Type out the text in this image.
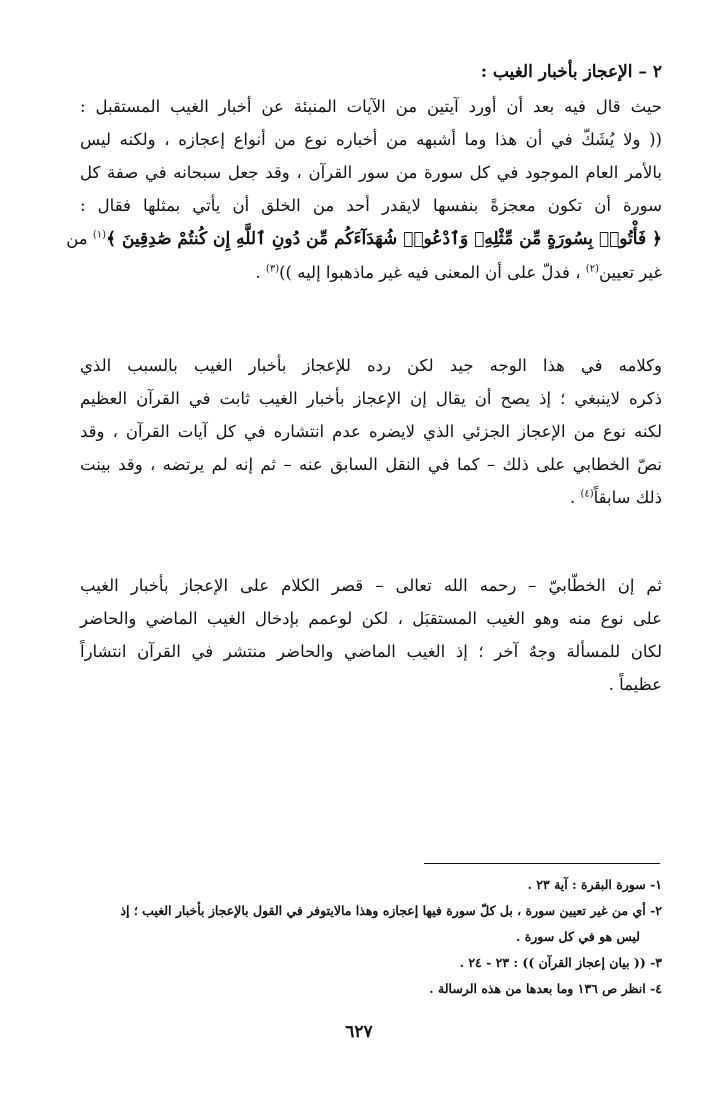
٢ – الإعجاز بأخبار الغيب :
حيث قال فيه بعد أن أورد آيتين من الآيات المنبئة عن أخبار الغيب المستقبل :
(( ولا يُشَكّ في أن هذا وما أشبهه من أخباره نوع من أنواع إعجازه ، ولكنه ليس
بالأمر العام الموجود في كل سورة من سور القرآن ، وقد جعل سبحانه في صفة كل
سورة أن تكون معجزةً بنفسها لايقدر أحد من الخلق أن يأتي بمثلها فقال :
﴿ فَأْتُوا۟ بِسُورَةٍ مِّن مِّثْلِهِۦ وَٱدْعُوا۟ شُهَدَآءَكُم مِّن دُونِ ٱللَّهِ إِن كُنتُمْ صَٰدِقِينَ ﴾$^{(١)}$ من
غير تعيين$^{(٢)}$ ، فدلّ على أن المعنى فيه غير ماذهبوا إليه ))$^{(٣)}$ .
وكلامه في هذا الوجه جيد لكن رده للإعجاز بأخبار الغيب بالسبب الذي
ذكره لاينبغي ؛ إذ يصح أن يقال إن الإعجاز بأخبار الغيب ثابت في القرآن العظيم
لكنه نوع من الإعجاز الجزئي الذي لايضره عدم انتشاره في كل آيات القرآن ، وقد
نصّ الخطابي على ذلك – كما في النقل السابق عنه – ثم إنه لم يرتضه ، وقد بينت
ذلك سابقاً$^{(٤)}$ .
ثم إن الخطّابيّ – رحمه الله تعالى – قصر الكلام على الإعجاز بأخبار الغيب
على نوع منه وهو الغيب المستقبَل ، لكن لوعمم بإدخال الغيب الماضي والحاضر
لكان للمسألة وجهٌ آخر ؛ إذ الغيب الماضي والحاضر منتشر في القرآن انتشاراً
عظيماً .
١- سورة البقرة : آية ٢٣ .
٢- أي من غير تعيين سورة ، بل كلّ سورة فيها إعجازه وهذا مالايتوفر في القول بالإعجاز بأخبار الغيب ؛ إذ
ليس هو في كل سورة .
٣- (( بيان إعجاز القرآن )) : ٢٣ - ٢٤ .
٤- انظر ص ١٣٦ وما بعدها من هذه الرسالة .
٦٢٧
